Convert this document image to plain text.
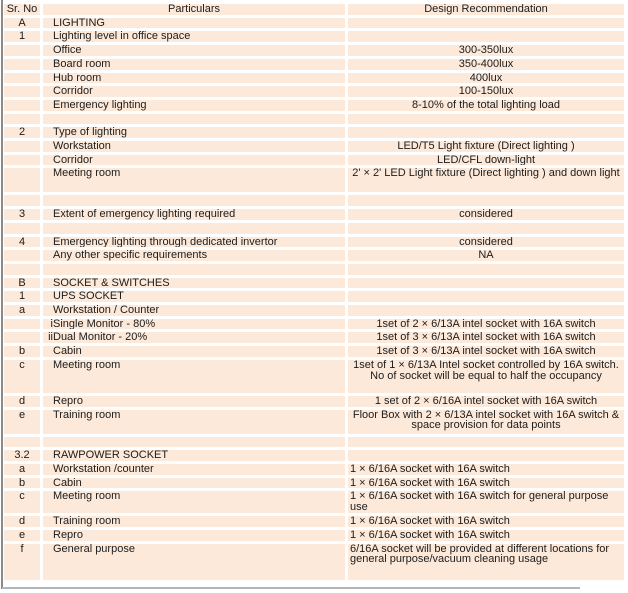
Sr. No	Particulars	Design Recommendation
A	LIGHTING	
1	Lighting level in office space	
	Office	300-350lux
	Board room	350-400lux
	Hub room	400lux
	Corridor	100-150lux
	Emergency lighting	8-10% of the total lighting load

2	Type of lighting	
	Workstation	LED/T5 Light fixture (Direct lighting )
	Corridor	LED/CFL down-light
	Meeting room	2' × 2' LED Light fixture (Direct lighting ) and down light

3	Extent of emergency lighting required	considered

4	Emergency lighting through dedicated invertor	considered
	Any other specific requirements	NA

B	SOCKET & SWITCHES	
1	UPS SOCKET	
a	Workstation / Counter	
	iSingle Monitor - 80%	1set of 2 × 6/13A intel socket with 16A switch
	iiDual Monitor - 20%	1set of 3 × 6/13A intel socket with 16A switch
b	Cabin	1set of 3 × 6/13A intel socket with 16A switch
c	Meeting room	1set of 1 × 6/13A Intel socket controlled by 16A switch. No of socket will be equal to half the occupancy
d	Repro	1 set of 2 × 6/16A intel socket with 16A switch
e	Training room	Floor Box with 2 × 6/13A intel socket with 16A switch & space provision for data points

3.2	RAWPOWER SOCKET	
a	Workstation /counter	1 × 6/16A socket with 16A switch
b	Cabin	1 × 6/16A socket with 16A switch
c	Meeting room	1 × 6/16A socket with 16A switch for general purpose use
d	Training room	1 × 6/16A socket with 16A switch
e	Repro	1 × 6/16A socket with 16A switch
f	General purpose	6/16A socket will be provided at different locations for general purpose/vacuum cleaning usage
